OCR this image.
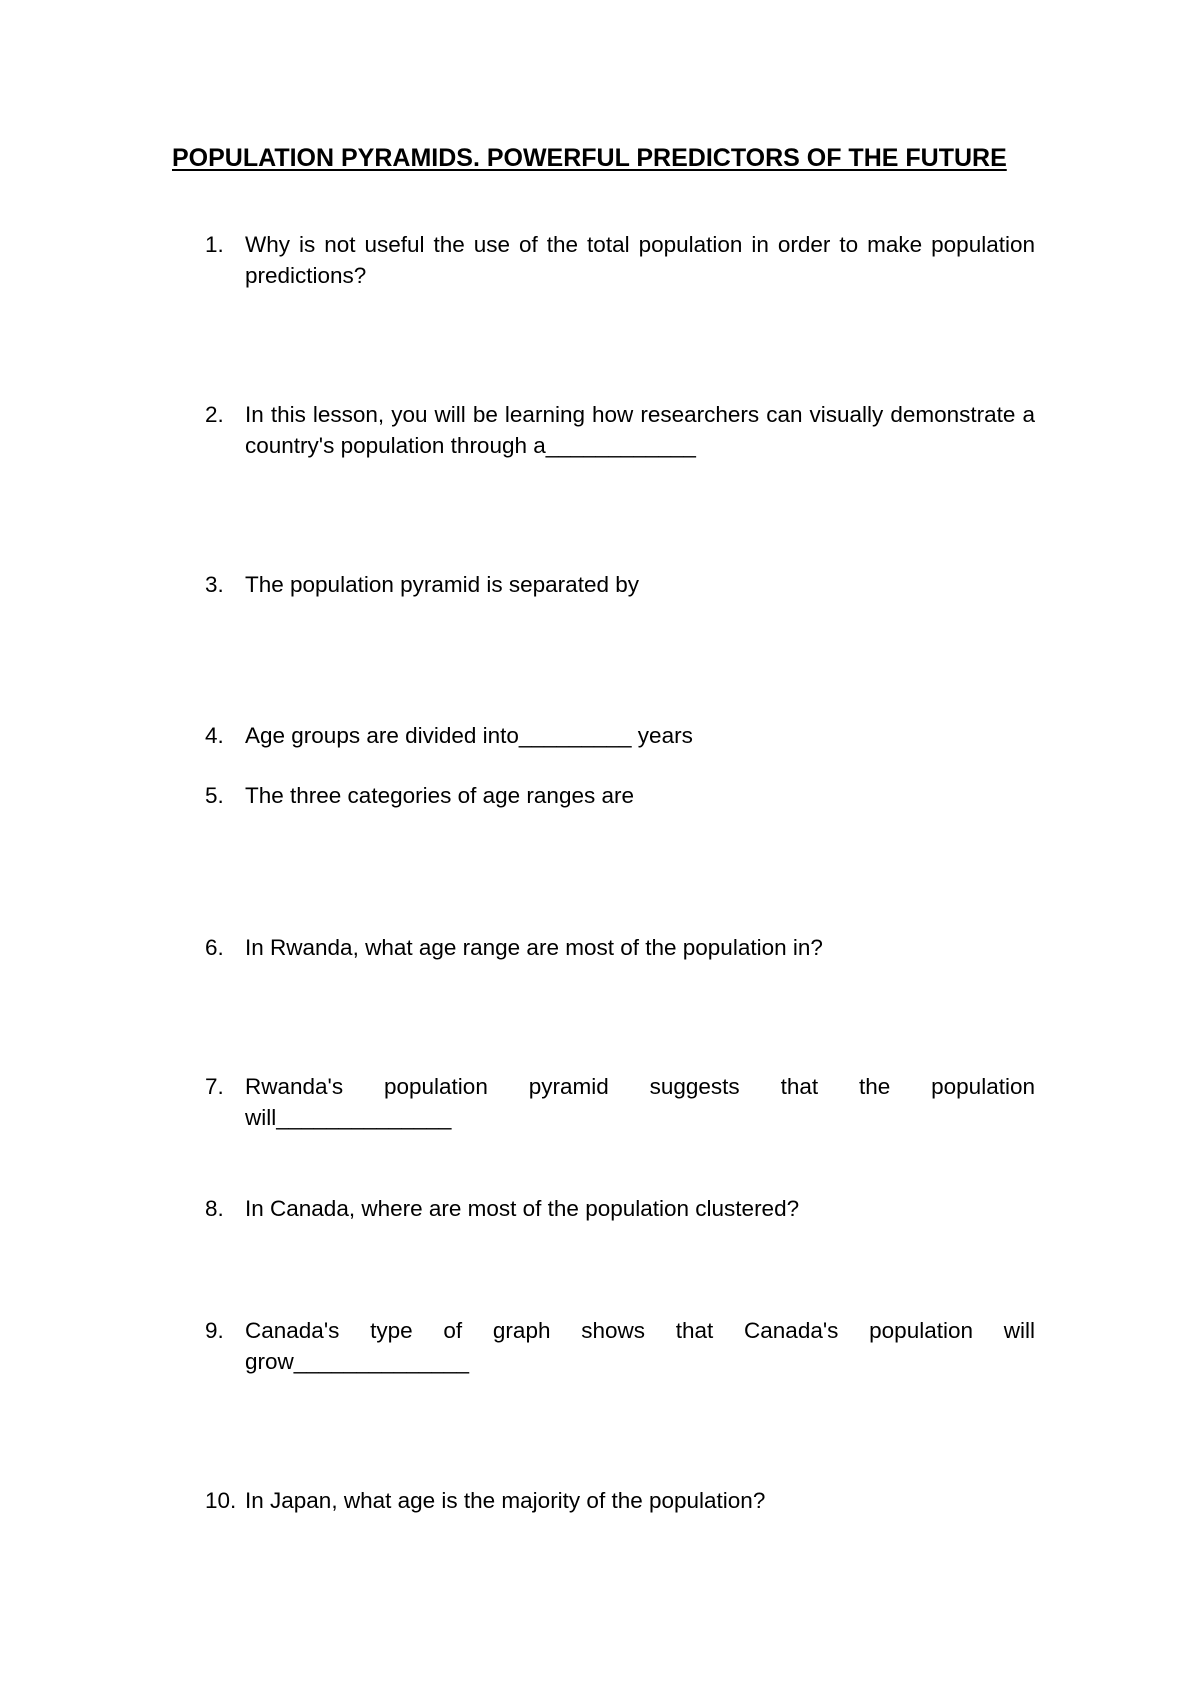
POPULATION PYRAMIDS. POWERFUL PREDICTORS OF THE FUTURE
1. Why is not useful the use of the total population in order to make population predictions?
2. In this lesson, you will be learning how researchers can visually demonstrate a country's population through a____________
3. The population pyramid is separated by
4. Age groups are divided into_________ years
5. The three categories of age ranges are
6. In Rwanda, what age range are most of the population in?
7. Rwanda's population pyramid suggests that the population
will______________
8. In Canada, where are most of the population clustered?
9. Canada's type of graph shows that Canada's population will
grow______________
10. In Japan, what age is the majority of the population?
